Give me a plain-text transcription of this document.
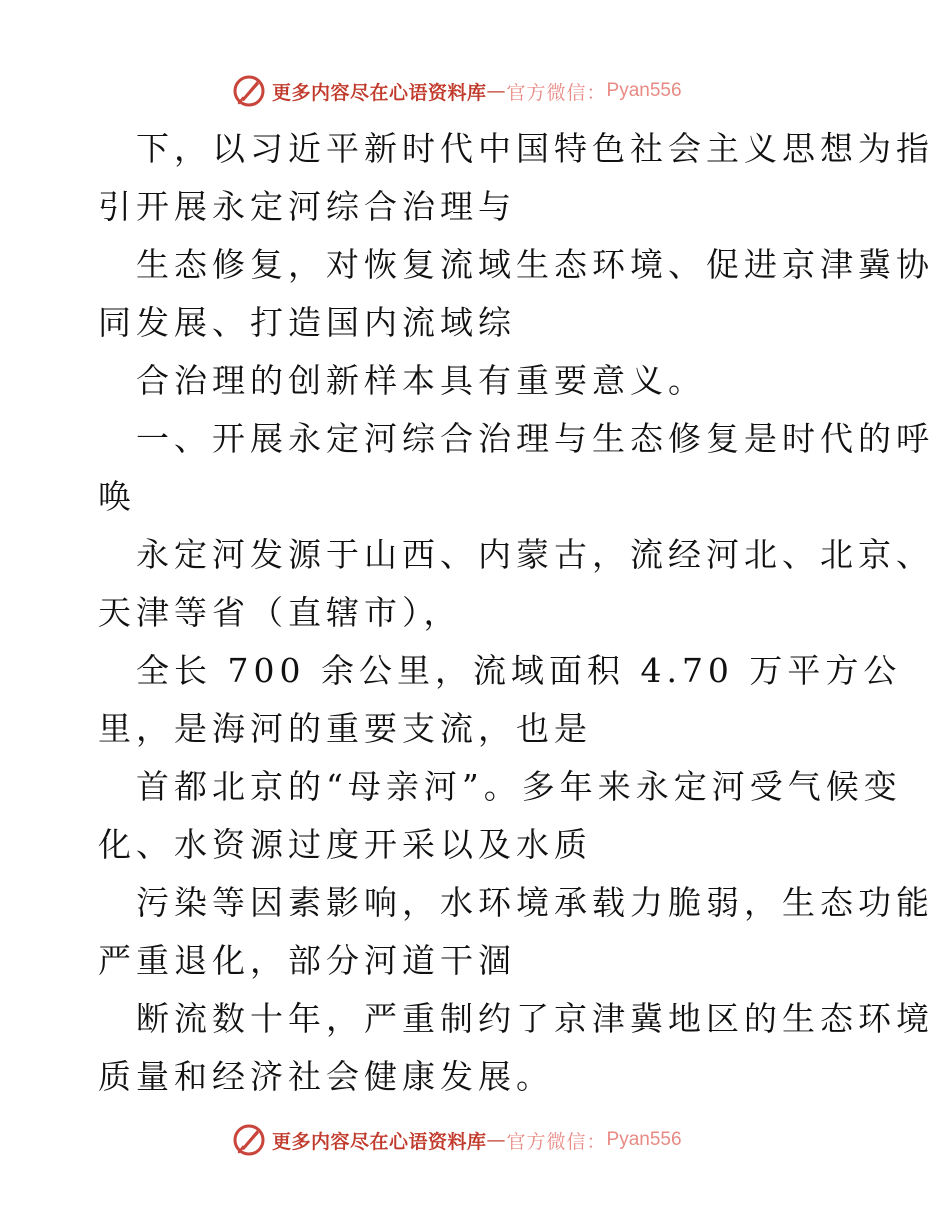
更多内容尽在心语资料库 — 官方微信： Pyan556

下，以习近平新时代中国特色社会主义思想为指
引开展永定河综合治理与

生态修复，对恢复流域生态环境、促进京津冀协
同发展、打造国内流域综

合治理的创新样本具有重要意义。

一、开展永定河综合治理与生态修复是时代的呼
唤

永定河发源于山西、内蒙古，流经河北、北京、
天津等省（直辖市），

全长 700 余公里，流域面积 4.70 万平方公
里，是海河的重要支流，也是

首都北京的“母亲河”。多年来永定河受气候变
化、水资源过度开采以及水质

污染等因素影响，水环境承载力脆弱，生态功能
严重退化，部分河道干涸

断流数十年，严重制约了京津冀地区的生态环境
质量和经济社会健康发展。

更多内容尽在心语资料库 — 官方微信： Pyan556
